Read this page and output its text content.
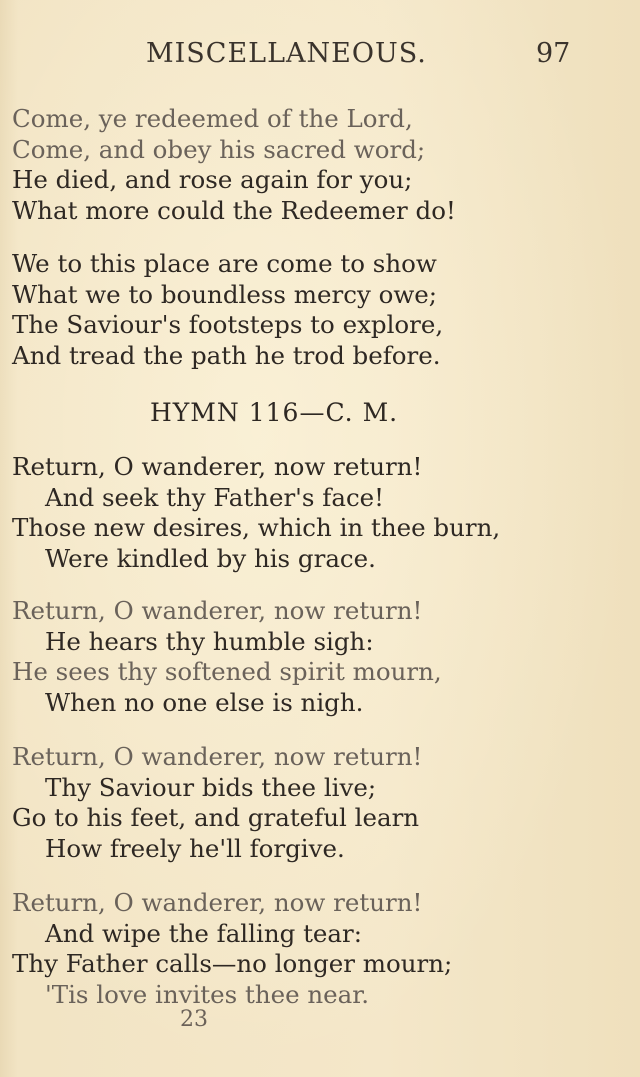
MISCELLANEOUS.	97
Come, ye redeemed of the Lord,
Come, and obey his sacred word;
He died, and rose again for you;
What more could the Redeemer do!
We to this place are come to show
What we to boundless mercy owe;
The Saviour's footsteps to explore,
And tread the path he trod before.
HYMN 116—C. M.
Return, O wanderer, now return!
And seek thy Father's face!
Those new desires, which in thee burn,
Were kindled by his grace.
Return, O wanderer, now return!
He hears thy humble sigh:
He sees thy softened spirit mourn,
When no one else is nigh.
Return, O wanderer, now return!
Thy Saviour bids thee live;
Go to his feet, and grateful learn
How freely he'll forgive.
Return, O wanderer, now return!
And wipe the falling tear:
Thy Father calls—no longer mourn;
'Tis love invites thee near.
23
